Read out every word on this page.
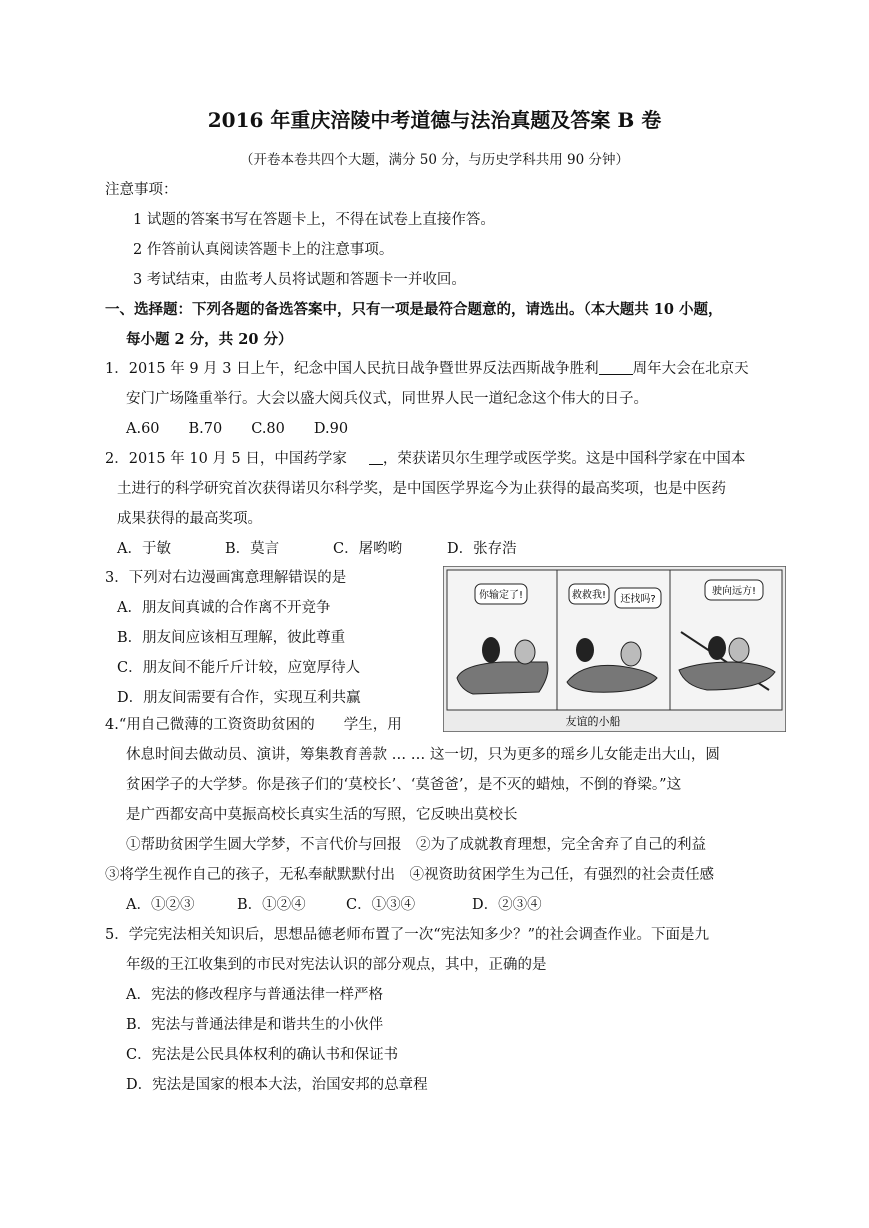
2016 年重庆涪陵中考道德与法治真题及答案 B 卷
（开卷本卷共四个大题，满分 50 分，与历史学科共用 90 分钟）
注意事项：
1 试题的答案书写在答题卡上，不得在试卷上直接作答。
2 作答前认真阅读答题卡上的注意事项。
3 考试结束，由监考人员将试题和答题卡一并收回。
一、选择题：下列各题的备选答案中，只有一项是最符合题意的，请选出。（本大题共 10 小题，
每小题 2 分，共 20 分）
1．2015 年 9 月 3 日上午，纪念中国人民抗日战争暨世界反法西斯战争胜利 周年大会在北京天
安门广场隆重举行。大会以盛大阅兵仪式，同世界人民一道纪念这个伟大的日子。
A.60　　B.70　　C.80　　D.90
2．2015 年 10 月 5 日，中国药学家 ，荣获诺贝尔生理学或医学奖。这是中国科学家在中国本
土进行的科学研究首次获得诺贝尔科学奖，是中国医学界迄今为止获得的最高奖项，也是中医药
成果获得的最高奖项。
A．于敏	B．莫言	C．屠哟哟	D．张存浩
3．下列对右边漫画寓意理解错误的是
A．朋友间真诚的合作离不开竞争
B．朋友间应该相互理解，彼此尊重
C．朋友间不能斤斤计较，应宽厚待人
D．朋友间需要有合作，实现互利共赢
你输定了!	救救我! 还找吗?
驶向远方!
友谊的小船
4.“用自己微薄的工资资助贫困的　　学生，用
休息时间去做动员、演讲，筹集教育善款 … … 这一切，只为更多的瑶乡儿女能走出大山，圆
贫困学子的大学梦。你是孩子们的‘莫校长’、‘莫爸爸’，是不灭的蜡烛，不倒的脊梁。”这
是广西都安高中莫振高校长真实生活的写照，它反映出莫校长
①帮助贫困学生圆大学梦，不言代价与回报　②为了成就教育理想，完全舍弃了自己的利益
③将学生视作自己的孩子，无私奉献默默付出　④视资助贫困学生为己任，有强烈的社会责任感
A．①②③	B．①②④	C．①③④	D．②③④
5．学完宪法相关知识后，思想品德老师布置了一次“宪法知多少？”的社会调查作业。下面是九
年级的王江收集到的市民对宪法认识的部分观点，其中，正确的是
A．宪法的修改程序与普通法律一样严格
B．宪法与普通法律是和谐共生的小伙伴
C．宪法是公民具体权利的确认书和保证书
D．宪法是国家的根本大法，治国安邦的总章程
